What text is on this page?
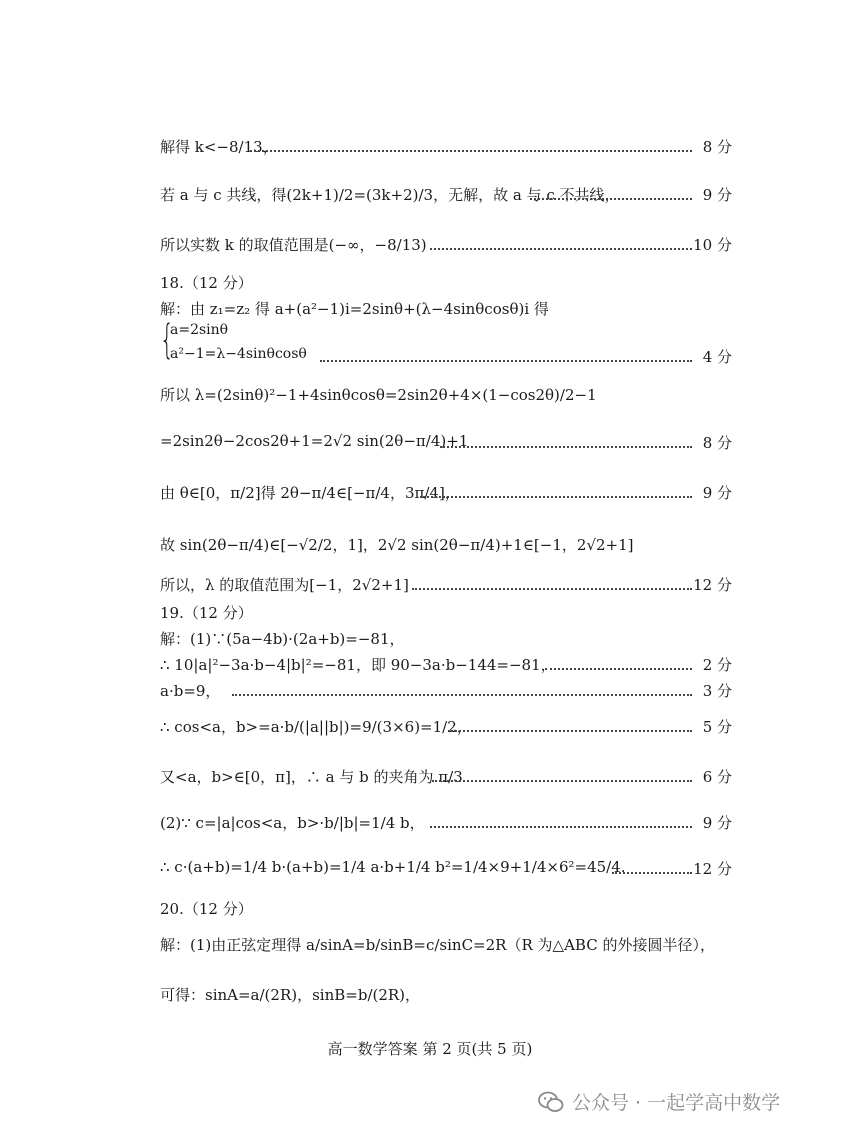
解得 k<−8/13，	8 分
若 a 与 c 共线，得(2k+1)/2=(3k+2)/3，无解，故 a 与 c 不共线，	9 分
所以实数 k 的取值范围是(−∞，−8/13)	10 分
18.（12 分）
解：由 z₁=z₂ 得 a+(a²−1)i=2sinθ+(λ−4sinθcosθ)i 得
{
a=2sinθ
a²−1=λ−4sinθcosθ	4 分
所以 λ=(2sinθ)²−1+4sinθcosθ=2sin2θ+4×(1−cos2θ)/2−1
=2sin2θ−2cos2θ+1=2√2 sin(2θ−π/4)+1	8 分
由 θ∈[0，π/2]得 2θ−π/4∈[−π/4，3π/4]，	9 分
故 sin(2θ−π/4)∈[−√2/2，1]，2√2 sin(2θ−π/4)+1∈[−1，2√2+1]
所以，λ 的取值范围为[−1，2√2+1]	12 分
19.（12 分）
解：(1)∵(5a−4b)·(2a+b)=−81，
∴ 10|a|²−3a·b−4|b|²=−81，即 90−3a·b−144=−81，	2 分
a·b=9，	3 分
∴ cos<a，b>=a·b/(|a||b|)=9/(3×6)=1/2，	5 分
又<a，b>∈[0，π]，∴ a 与 b 的夹角为 π/3	6 分
(2)∵ c=|a|cos<a，b>·b/|b|=1/4 b，	9 分
∴ c·(a+b)=1/4 b·(a+b)=1/4 a·b+1/4 b²=1/4×9+1/4×6²=45/4.	12 分
20.（12 分）
解：(1)由正弦定理得 a/sinA=b/sinB=c/sinC=2R（R 为△ABC 的外接圆半径），
可得：sinA=a/(2R)，sinB=b/(2R)，
高一数学答案 第 2 页(共 5 页)
公众号 · 一起学高中数学
